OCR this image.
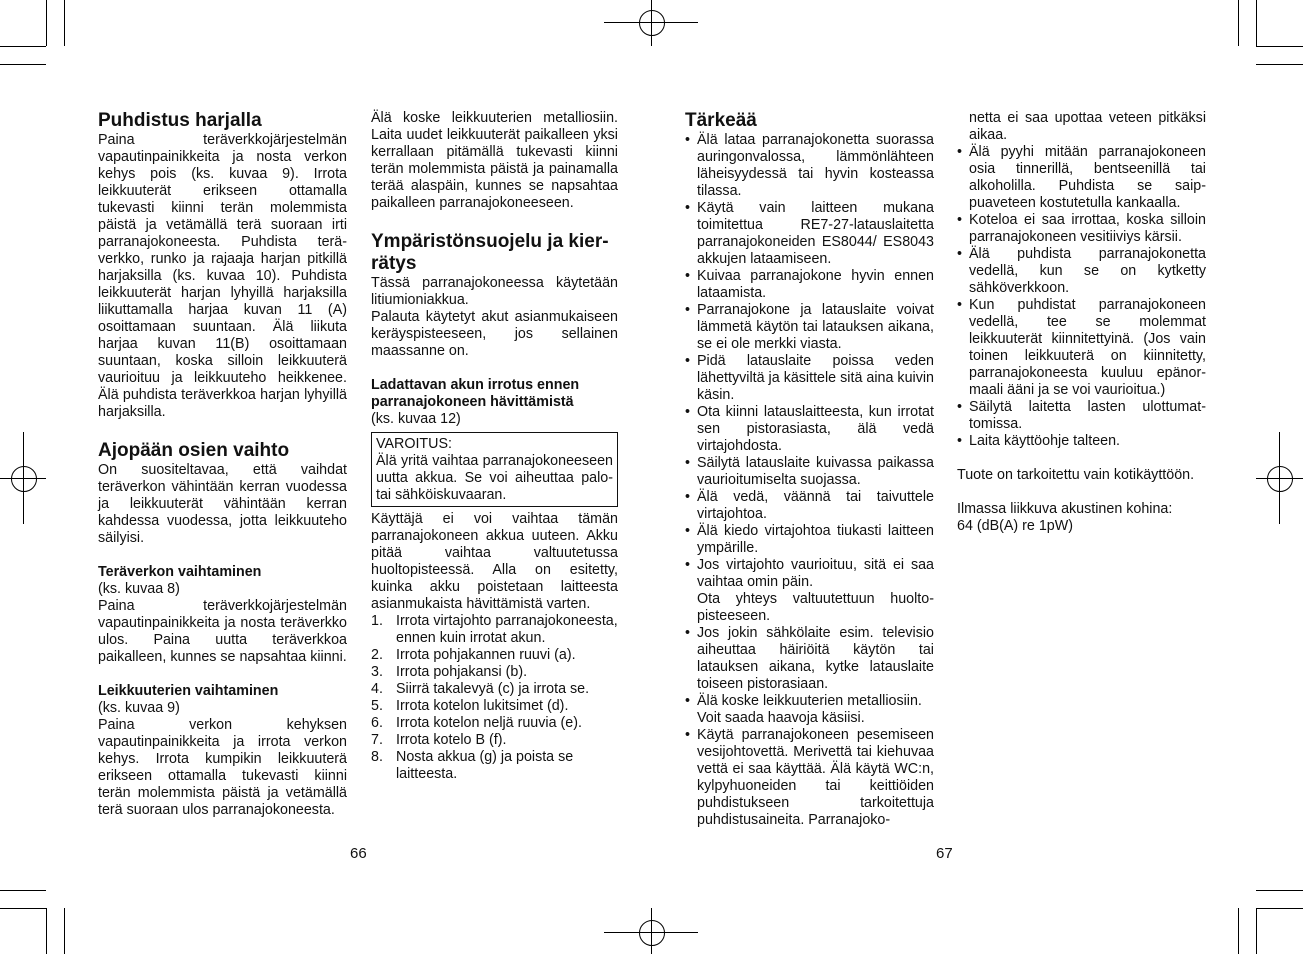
Puhdistus harjalla

Paina teräverkkojärjestelmän vapautinpainikkeita ja nosta verkon kehys pois (ks. kuvaa 9). Irrota leikkuuterät erikseen ottamalla tukevasti kiinni terän molemmista päistä ja vetämällä terä suoraan irti parranajokoneesta. Puhdista teräverkko, runko ja rajaaja harjan pitkillä harjaksilla (ks. kuvaa 10). Puhdista leikkuuterät harjan lyhyillä harjaksilla liikuttamalla harjaa kuvan 11 (A) osoittamaan suuntaan. Älä liikuta harjaa kuvan 11(B) osoittamaan suuntaan, koska silloin leikkuuterä vaurioituu ja leikkuuteho heikkenee. Älä puhdista teräverkkoa harjan lyhyillä harjaksilla.

Ajopään osien vaihto

On suositeltavaa, että vaihdat teräverkon vähintään kerran vuodessa ja leikkuuterät vähintään kerran kahdessa vuodessa, jotta leikkuuteho säilyisi.

Teräverkon vaihtaminen

(ks. kuvaa 8)

Paina teräverkkojärjestelmän vapautinpainikkeita ja nosta teräverkko ulos. Paina uutta teräverkkoa paikalleen, kunnes se napsahtaa kiinni.

Leikkuuterien vaihtaminen

(ks. kuvaa 9)

Paina verkon kehyksen vapautinpainikkeita ja irrota verkon kehys. Irrota kumpikin leikkuuterä erikseen ottamalla tukevasti kiinni terän molemmista päistä ja vetämällä terä suoraan ulos parranajokoneesta.

Älä koske leikkuuterien metalliosiin. Laita uudet leikkuuterät paikalleen yksi kerrallaan pitämällä tukevasti kiinni terän molemmista päistä ja painamalla terää alaspäin, kunnes se napsahtaa paikalleen parranajokoneeseen.

Ympäristönsuojelu ja kierrätys

Tässä parranajokoneessa käytetään litiumioniakkua.

Palauta käytetyt akut asianmukaiseen keräyspisteeseen, jos sellainen maassanne on.

Ladattavan akun irrotus ennen parranajokoneen hävittämistä

(ks. kuvaa 12)

VAROITUS:

Älä yritä vaihtaa parranajokoneeseen uutta akkua. Se voi aiheuttaa palo- tai sähköiskuvaaran.

Käyttäjä ei voi vaihtaa tämän parranajokoneen akkua uuteen. Akku pitää vaihtaa valtuutetussa huoltopisteessä. Alla on esitetty, kuinka akku poistetaan laitteesta asianmukaista hävittämistä varten.

1. Irrota virtajohto parranajokoneesta, ennen kuin irrotat akun.
2. Irrota pohjakannen ruuvi (a).
3. Irrota pohjakansi (b).
4. Siirrä takalevyä (c) ja irrota se.
5. Irrota kotelon lukitsimet (d).
6. Irrota kotelon neljä ruuvia (e).
7. Irrota kotelo B (f).
8. Nosta akkua (g) ja poista se laitteesta.
66
Tärkeää
• Älä lataa parranajokonetta suorassa auringonvalossa, lämmönlähteen läheisyydessä tai hyvin kosteassa tilassa.
• Käytä vain laitteen mukana toimitettua RE7-27-latauslaitetta parranajokoneiden ES8044/ ES8043 akkujen lataamiseen.
• Kuivaa parranajokone hyvin ennen lataamista.
• Parranajokone ja latauslaite voivat lämmetä käytön tai latauksen aikana, se ei ole merkki viasta.
• Pidä latauslaite poissa veden lähettyviltä ja käsittele sitä aina kuivin käsin.
• Ota kiinni latauslaitteesta, kun irrotat sen pistorasiasta, älä vedä virtajohdosta.
• Säilytä latauslaite kuivassa paikassa vaurioitumiselta suojassa.
• Älä vedä, väännä tai taivuttele virtajohtoa.
• Älä kiedo virtajohtoa tiukasti laitteen ympärille.
• Jos virtajohto vaurioituu, sitä ei saa vaihtaa omin päin.
Ota yhteys valtuutettuun huoltopisteeseen.
• Jos jokin sähkölaite esim. televisio aiheuttaa häiriöitä käytön tai latauksen aikana, kytke latauslaite toiseen pistorasiaan.
• Älä koske leikkuuterien metalliosiin.
Voit saada haavoja käsiisi.
• Käytä parranajokoneen pesemiseen vesijohtovettä. Merivettä tai kiehuvaa vettä ei saa käyttää. Älä käytä WC:n, kylpyhuoneiden tai keittiöiden puhdistukseen tarkoitettuja puhdistusaineita. Parranajoko-
67

netta ei saa upottaa veteen pitkäksi aikaa.

• Älä pyyhi mitään parranajokoneen osia tinnerillä, bentseenillä tai alkoholilla. Puhdista se saippuaveteen kostutetulla kankaalla.
• Koteloa ei saa irrottaa, koska silloin parranajokoneen vesitiiviys kärsii.
• Älä puhdista parranajokonetta vedellä, kun se on kytketty sähköverkkoon.
• Kun puhdistat parranajokoneen vedellä, tee se molemmat leikkuuterät kiinnitettyinä. (Jos vain toinen leikkuuterä on kiinnitetty, parranajokoneesta kuuluu epänormaali ääni ja se voi vaurioitua.)
• Säilytä laitetta lasten ulottumattomissa.
• Laita käyttöohje talteen.

Tuote on tarkoitettu vain kotikäyttöön.

Ilmassa liikkuva akustinen kohina:

64 (dB(A) re 1pW)
